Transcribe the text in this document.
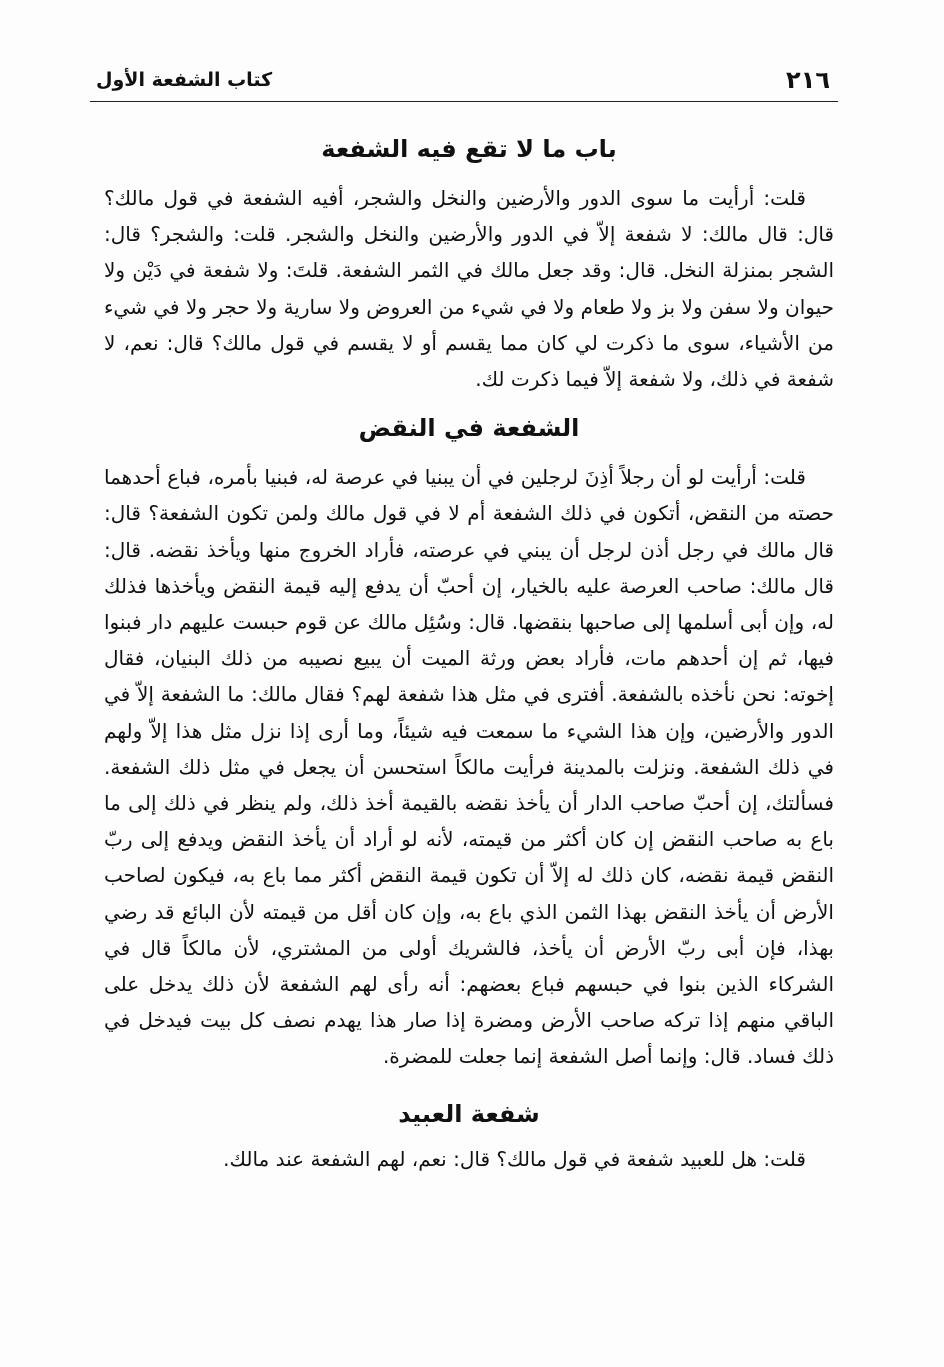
٢١٦
كتاب الشفعة الأول
باب ما لا تقع فيه الشفعة

قلت: أرأيت ما سوى الدور والأرضين والنخل والشجر، أفيه الشفعة في قول مالك؟ قال: قال مالك: لا شفعة إلاّ في الدور والأرضين والنخل والشجر. قلت: والشجر؟ قال: الشجر بمنزلة النخل. قال: وقد جعل مالك في الثمر الشفعة. قلتَ: ولا شفعة في دَيْن ولا حيوان ولا سفن ولا بز ولا طعام ولا في شيء من العروض ولا سارية ولا حجر ولا في شيء من الأشياء، سوى ما ذكرت لي كان مما يقسم أو لا يقسم في قول مالك؟ قال: نعم، لا شفعة في ذلك، ولا شفعة إلاّ فيما ذكرت لك.

الشفعة في النقض

قلت: أرأيت لو أن رجلاً أذِنَ لرجلين في أن يبنيا في عرصة له، فبنيا بأمره، فباع أحدهما حصته من النقض، أتكون في ذلك الشفعة أم لا في قول مالك ولمن تكون الشفعة؟ قال: قال مالك في رجل أذن لرجل أن يبني في عرصته، فأراد الخروج منها ويأخذ نقضه. قال: قال مالك: صاحب العرصة عليه بالخيار، إن أحبّ أن يدفع إليه قيمة النقض ويأخذها فذلك له، وإن أبى أسلمها إلى صاحبها بنقضها. قال: وسُئِل مالك عن قوم حبست عليهم دار فبنوا فيها، ثم إن أحدهم مات، فأراد بعض ورثة الميت أن يبيع نصيبه من ذلك البنيان، فقال إخوته: نحن نأخذه بالشفعة. أفترى في مثل هذا شفعة لهم؟ فقال مالك: ما الشفعة إلاّ في الدور والأرضين، وإن هذا الشيء ما سمعت فيه شيئاً، وما أرى إذا نزل مثل هذا إلاّ ولهم في ذلك الشفعة. ونزلت بالمدينة فرأيت مالكاً استحسن أن يجعل في مثل ذلك الشفعة. فسألتك، إن أحبّ صاحب الدار أن يأخذ نقضه بالقيمة أخذ ذلك، ولم ينظر في ذلك إلى ما باع به صاحب النقض إن كان أكثر من قيمته، لأنه لو أراد أن يأخذ النقض ويدفع إلى ربّ النقض قيمة نقضه، كان ذلك له إلاّ أن تكون قيمة النقض أكثر مما باع به، فيكون لصاحب الأرض أن يأخذ النقض بهذا الثمن الذي باع به، وإن كان أقل من قيمته لأن البائع قد رضي بهذا، فإن أبى ربّ الأرض أن يأخذ، فالشريك أولى من المشتري، لأن مالكاً قال في الشركاء الذين بنوا في حبسهم فباع بعضهم: أنه رأى لهم الشفعة لأن ذلك يدخل على الباقي منهم إذا تركه صاحب الأرض ومضرة إذا صار هذا يهدم نصف كل بيت فيدخل في ذلك فساد. قال: وإنما أصل الشفعة إنما جعلت للمضرة.

شفعة العبيد

قلت: هل للعبيد شفعة في قول مالك؟ قال: نعم، لهم الشفعة عند مالك.
